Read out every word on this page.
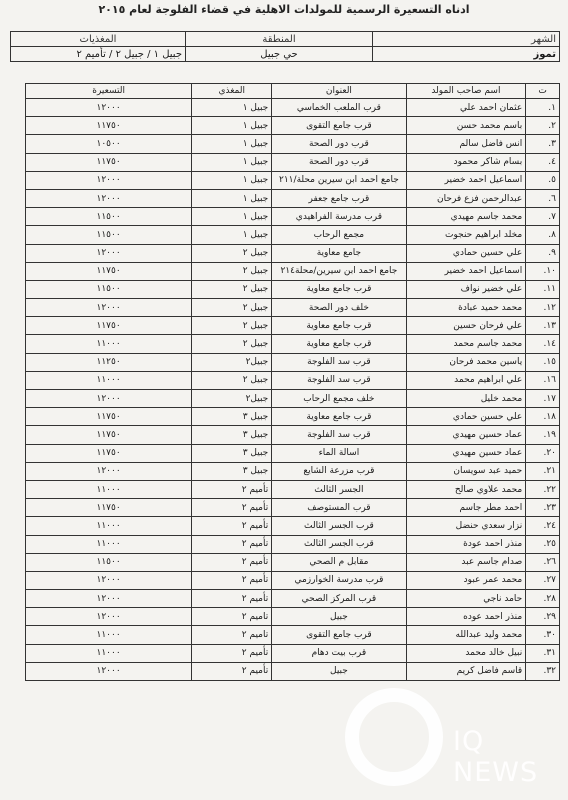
ادناه التسعيرة الرسمية للمولدات الاهلية في قضاء الفلوجة لعام ٢٠١٥
الشهر	المنطقة	المغذيات
تموز	حي جبيل	جبيل ١ / جبيل ٢ / تأميم ٢
ت	اسم صاحب المولد	العنوان	المغذي	التسعيرة
١.	عثمان احمد علي	قرب الملعب الخماسي	جبيل ١	١٢٠٠٠
٢.	باسم محمد حسن	قرب جامع التقوى	جبيل ١	١١٧٥٠
٣.	انس فاضل سالم	قرب دور الصحة	جبيل ١	١٠٥٠٠
٤.	بسام شاكر محمود	قرب دور الصحة	جبيل ١	١١٧٥٠
٥.	اسماعيل احمد خضير	جامع احمد ابن سيرين محلة/٢١١	جبيل ١	١٢٠٠٠
٦.	عبدالرحمن فزع فرحان	قرب جامع جعفر	جبيل ١	١٢٠٠٠
٧.	محمد جاسم مهيدي	قرب مدرسة الفراهيدي	جبيل ١	١١٥٠٠
٨.	مخلد ابراهيم حنجوت	مجمع الرحاب	جبيل ١	١١٥٠٠
٩.	علي حسين حمادي	جامع معاوية	جبيل ٢	١٢٠٠٠
١٠.	اسماعيل احمد خضير	جامع احمد ابن سيرين/محلة٢١٤	جبيل ٢	١١٧٥٠
١١.	علي خضير نواف	قرب جامع معاوية	جبيل ٢	١١٥٠٠
١٢.	محمد حميد عبادة	خلف دور الصحة	جبيل ٢	١٢٠٠٠
١٣.	علي فرحان حسين	قرب جامع معاوية	جبيل ٢	١١٧٥٠
١٤.	محمد جاسم محمد	قرب جامع معاوية	جبيل ٢	١١٠٠٠
١٥.	ياسين محمد فرحان	قرب سد الفلوجة	جبيل٢	١١٢٥٠
١٦.	علي ابراهيم محمد	قرب سد الفلوجة	جبيل ٢	١١٠٠٠
١٧.	محمد خليل	خلف مجمع الرحاب	جبيل٢	١٢٠٠٠
١٨.	علي حسين حمادي	قرب جامع معاوية	جبيل ٣	١١٧٥٠
١٩.	عماد حسين مهيدي	قرب سد الفلوجة	جبيل ٣	١١٧٥٠
٢٠.	عماد حسين مهيدي	اسالة الماء	جبيل ٣	١١٧٥٠
٢١.	حميد عبد سويسان	قرب مزرعة الشايع	جبيل ٣	١٢٠٠٠
٢٢.	محمد علاوي صالح	الجسر الثالث	تأميم ٢	١١٠٠٠
٢٣.	احمد مطر جاسم	قرب المستوصف	تأميم ٢	١١٧٥٠
٢٤.	نزار سعدي حنضل	قرب الجسر الثالث	تأميم ٢	١١٠٠٠
٢٥.	منذر احمد عودة	قرب الجسر الثالث	تأميم ٢	١١٠٠٠
٢٦.	صدام جاسم عبد	مقابل م الصحي	تأميم ٢	١١٥٠٠
٢٧.	محمد عمر عبود	قرب مدرسة الخوارزمي	تأميم ٢	١٢٠٠٠
٢٨.	حامد ناجي	قرب المركز الصحي	تأميم ٢	١٢٠٠٠
٢٩.	منذر احمد عوده	جبيل	تاميم ٢	١٢٠٠٠
٣٠.	محمد وليد عبدالله	قرب جامع التقوى	تاميم ٢	١١٠٠٠
٣١.	نبيل خالد محمد	قرب بيت دهام	تأميم ٢	١١٠٠٠
٣٢.	قاسم فاضل كريم	جبيل	تأميم ٢	١٢٠٠٠
IQ NEWS
